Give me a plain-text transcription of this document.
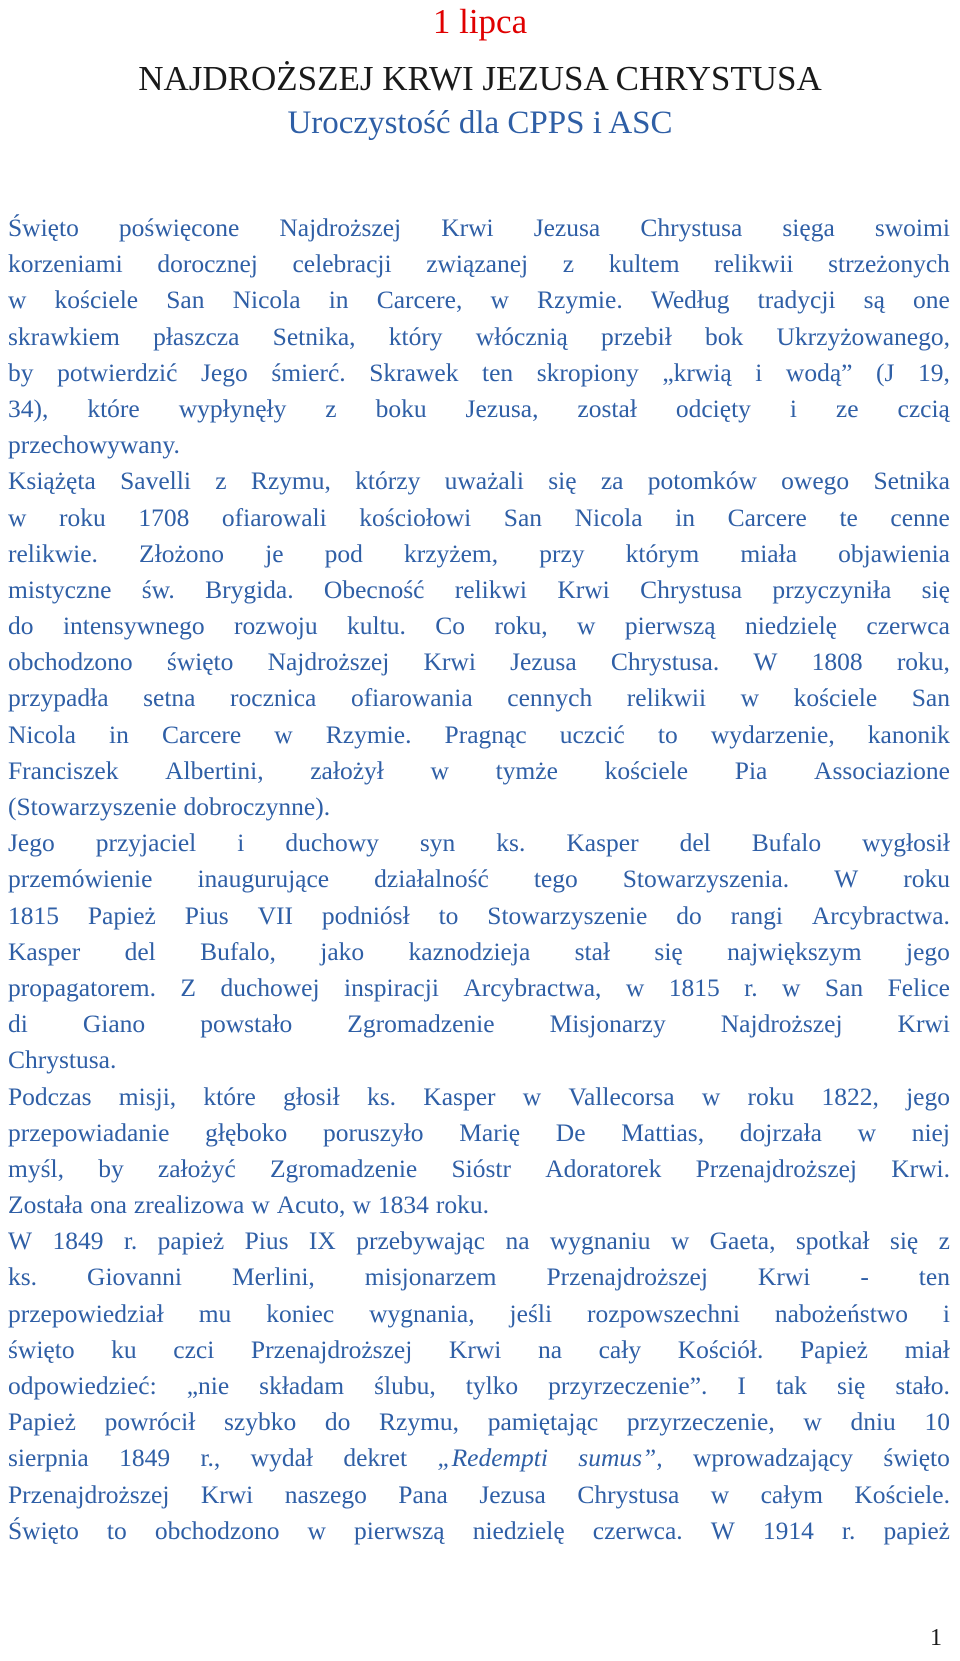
1 lipca
NAJDROŻSZEJ KRWI JEZUSA CHRYSTUSA
Uroczystość dla CPPS i ASC
Święto poświęcone Najdroższej Krwi Jezusa Chrystusa sięga swoimi
korzeniami dorocznej celebracji związanej z kultem relikwii strzeżonych
w kościele San Nicola in Carcere, w Rzymie. Według tradycji są one
skrawkiem płaszcza Setnika, który włócznią przebił bok Ukrzyżowanego,
by potwierdzić Jego śmierć. Skrawek ten skropiony „krwią i wodą” (J 19,
34), które wypłynęły z boku Jezusa, został odcięty i ze czcią
przechowywany.
Książęta Savelli z Rzymu, którzy uważali się za potomków owego Setnika
w roku 1708 ofiarowali kościołowi San Nicola in Carcere te cenne
relikwie. Złożono je pod krzyżem, przy którym miała objawienia
mistyczne św. Brygida. Obecność relikwi Krwi Chrystusa przyczyniła się
do intensywnego rozwoju kultu. Co roku, w pierwszą niedzielę czerwca
obchodzono święto Najdroższej Krwi Jezusa Chrystusa. W 1808 roku,
przypadła setna rocznica ofiarowania cennych relikwii w kościele San
Nicola in Carcere w Rzymie. Pragnąc uczcić to wydarzenie, kanonik
Franciszek Albertini, założył w tymże kościele Pia Associazione
(Stowarzyszenie dobroczynne).
Jego przyjaciel i duchowy syn ks. Kasper del Bufalo wygłosił
przemówienie inaugurujące działalność tego Stowarzyszenia. W roku
1815 Papież Pius VII podniósł to Stowarzyszenie do rangi Arcybractwa.
Kasper del Bufalo, jako kaznodzieja stał się największym jego
propagatorem. Z duchowej inspiracji Arcybractwa, w 1815 r. w San Felice
di Giano powstało Zgromadzenie Misjonarzy Najdroższej Krwi
Chrystusa.
Podczas misji, które głosił ks. Kasper w Vallecorsa w roku 1822, jego
przepowiadanie głęboko poruszyło Marię De Mattias, dojrzała w niej
myśl, by założyć Zgromadzenie Sióstr Adoratorek Przenajdroższej Krwi.
Została ona zrealizowa w Acuto, w 1834 roku.
W 1849 r. papież Pius IX przebywając na wygnaniu w Gaeta, spotkał się z
ks. Giovanni Merlini, misjonarzem Przenajdroższej Krwi - ten
przepowiedział mu koniec wygnania, jeśli rozpowszechni nabożeństwo i
święto ku czci Przenajdroższej Krwi na cały Kościół. Papież miał
odpowiedzieć: „nie składam ślubu, tylko przyrzeczenie”. I tak się stało.
Papież powrócił szybko do Rzymu, pamiętając przyrzeczenie, w dniu 10
sierpnia 1849 r., wydał dekret „Redempti sumus”, wprowadzający święto
Przenajdroższej Krwi naszego Pana Jezusa Chrystusa w całym Kościele.
Święto to obchodzono w pierwszą niedzielę czerwca. W 1914 r. papież
1
